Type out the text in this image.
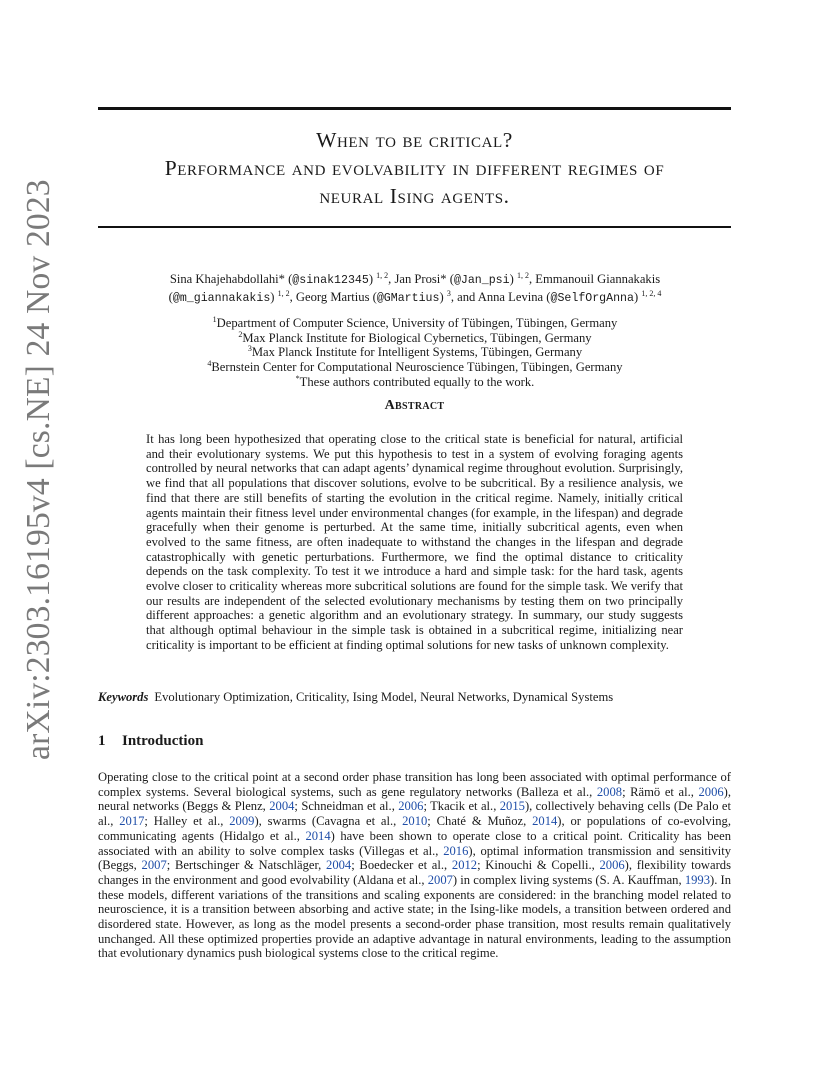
arXiv:2303.16195v4 [cs.NE] 24 Nov 2023
When to be critical?
Performance and evolvability in different regimes of
neural Ising agents.
Sina Khajehabdollahi* (@sinak12345) $^{1, 2}$, Jan Prosi* (@Jan_psi) $^{1, 2}$, Emmanouil Giannakakis
(@m_giannakakis) $^{1, 2}$, Georg Martius (@GMartius) $^3$, and Anna Levina (@SelfOrgAnna) $^{1, 2, 4}$
$^1$Department of Computer Science, University of Tübingen, Tübingen, Germany
$^2$Max Planck Institute for Biological Cybernetics, Tübingen, Germany
$^3$Max Planck Institute for Intelligent Systems, Tübingen, Germany
$^4$Bernstein Center for Computational Neuroscience Tübingen, Tübingen, Germany
*These authors contributed equally to the work.
Abstract

It has long been hypothesized that operating close to the critical state is beneficial for natural, artificial and their evolutionary systems. We put this hypothesis to test in a system of evolving foraging agents controlled by neural networks that can adapt agents’ dynamical regime throughout evolution. Surprisingly, we find that all populations that discover solutions, evolve to be subcritical. By a resilience analysis, we find that there are still benefits of starting the evolution in the critical regime. Namely, initially critical agents maintain their fitness level under environmental changes (for example, in the lifespan) and degrade gracefully when their genome is perturbed. At the same time, initially subcritical agents, even when evolved to the same fitness, are often inadequate to withstand the changes in the lifespan and degrade catastrophically with genetic perturbations. Furthermore, we find the optimal distance to criticality depends on the task complexity. To test it we introduce a hard and simple task: for the hard task, agents evolve closer to criticality whereas more subcritical solutions are found for the simple task. We verify that our results are independent of the selected evolutionary mechanisms by testing them on two principally different approaches: a genetic algorithm and an evolutionary strategy. In summary, our study suggests that although optimal behaviour in the simple task is obtained in a subcritical regime, initializing near criticality is important to be efficient at finding optimal solutions for new tasks of unknown complexity.

Keywords Evolutionary Optimization, Criticality, Ising Model, Neural Networks, Dynamical Systems
1 Introduction

Operating close to the critical point at a second order phase transition has long been associated with optimal performance of complex systems. Several biological systems, such as gene regulatory networks (Balleza et al., 2008; Rämö et al., 2006), neural networks (Beggs & Plenz, 2004; Schneidman et al., 2006; Tkacik et al., 2015), collectively behaving cells (De Palo et al., 2017; Halley et al., 2009), swarms (Cavagna et al., 2010; Chaté & Muñoz, 2014), or populations of co-evolving, communicating agents (Hidalgo et al., 2014) have been shown to operate close to a critical point. Criticality has been associated with an ability to solve complex tasks (Villegas et al., 2016), optimal information transmission and sensitivity (Beggs, 2007; Bertschinger & Natschläger, 2004; Boedecker et al., 2012; Kinouchi & Copelli., 2006), flexibility towards changes in the environment and good evolvability (Aldana et al., 2007) in complex living systems (S. A. Kauffman, 1993). In these models, different variations of the transitions and scaling exponents are considered: in the branching model related to neuroscience, it is a transition between absorbing and active state; in the Ising-like models, a transition between ordered and disordered state. However, as long as the model presents a second-order phase transition, most results remain qualitatively unchanged. All these optimized properties provide an adaptive advantage in natural environments, leading to the assumption that evolutionary dynamics push biological systems close to the critical regime.
